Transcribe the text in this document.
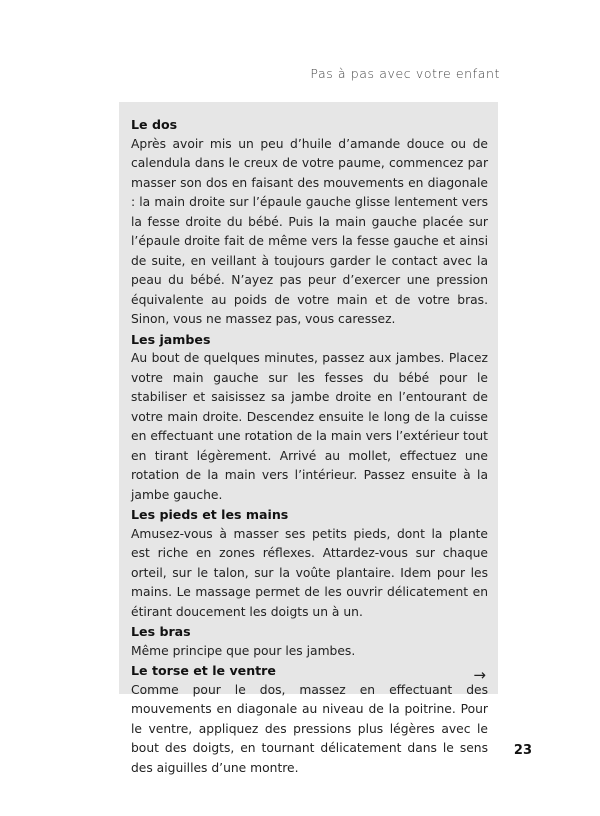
Pas à pas avec votre enfant
→
Le dos

Après avoir mis un peu d’huile d’amande douce ou de calendula dans le creux de votre paume, commencez par masser son dos en faisant des mouvements en diagonale : la main droite sur l’épaule gauche glisse lentement vers la fesse droite du bébé. Puis la main gauche placée sur l’épaule droite fait de même vers la fesse gauche et ainsi de suite, en veillant à toujours garder le contact avec la peau du bébé. N’ayez pas peur d’exercer une pression équivalente au poids de votre main et de votre bras. Sinon, vous ne massez pas, vous caressez.

Les jambes

Au bout de quelques minutes, passez aux jambes. Placez votre main gauche sur les fesses du bébé pour le stabiliser et saisissez sa jambe droite en l’entourant de votre main droite. Descendez ensuite le long de la cuisse en effectuant une rotation de la main vers l’extérieur tout en tirant légèrement. Arrivé au mollet, effectuez une rotation de la main vers l’intérieur. Passez ensuite à la jambe gauche.

Les pieds et les mains

Amusez-vous à masser ses petits pieds, dont la plante est riche en zones réflexes. Attardez-vous sur chaque orteil, sur le talon, sur la voûte plantaire. Idem pour les mains. Le massage permet de les ouvrir délicatement en étirant doucement les doigts un à un.

Les bras

Même principe que pour les jambes.

Le torse et le ventre

Comme pour le dos, massez en effectuant des mouvements en diagonale au niveau de la poitrine. Pour le ventre, appliquez des pressions plus légères avec le bout des doigts, en tournant délicatement dans le sens des aiguilles d’une montre.

23
